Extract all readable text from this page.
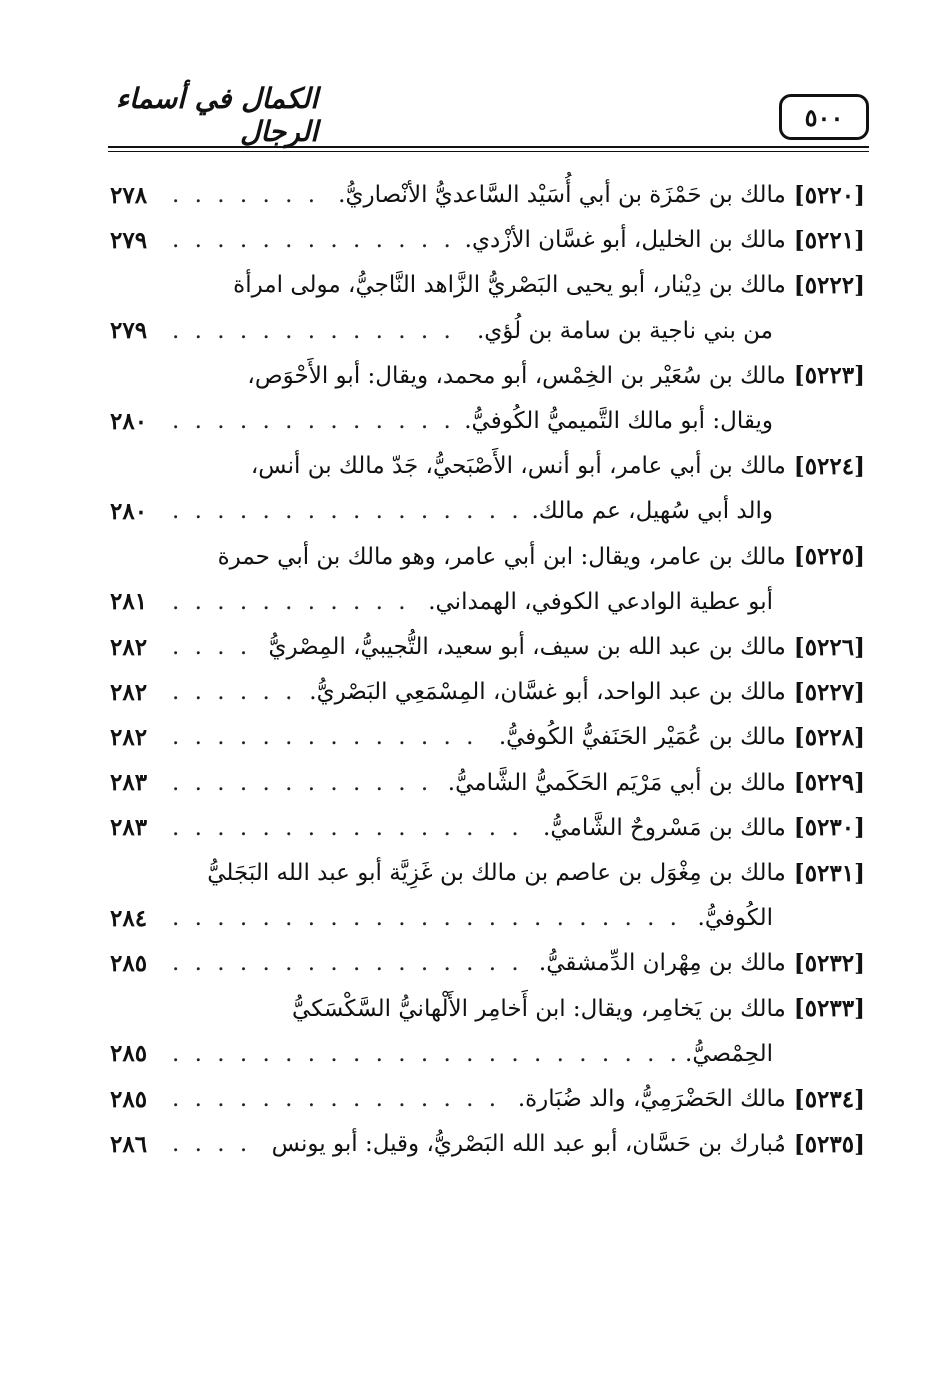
٥٠٠
الكمال في أسماء الرجال
[٥٢٢٠]
مالك بن حَمْزَة بن أبي أُسَيْد السَّاعديُّ الأنْصاريُّ.
. . .
٢٧٨
[٥٢٢١]
مالك بن الخليل، أبو غسَّان الأزْدي.
. . .
٢٧٩
[٥٢٢٢]
مالك بن دِيْنار، أبو يحيى البَصْريُّ الزَّاهد النَّاجيُّ، مولى امرأة
من بني ناجية بن سامة بن لُؤي.
. . .
٢٧٩
[٥٢٢٣]
مالك بن سُعَيْر بن الخِمْس، أبو محمد، ويقال: أبو الأَحْوَص،
ويقال: أبو مالك التَّميميُّ الكُوفيُّ.
. . .
٢٨٠
[٥٢٢٤]
مالك بن أبي عامر، أبو أنس، الأَصْبَحيُّ، جَدّ مالك بن أنس،
والد أبي سُهيل، عم مالك.
. . .
٢٨٠
[٥٢٢٥]
مالك بن عامر، ويقال: ابن أبي عامر، وهو مالك بن أبي حمرة
أبو عطية الوادعي الكوفي، الهمداني.
. . .
٢٨١
[٥٢٢٦]
مالك بن عبد الله بن سيف، أبو سعيد، التُّجيبيُّ، المِصْريُّ
. . .
٢٨٢
[٥٢٢٧]
مالك بن عبد الواحد، أبو غسَّان، المِسْمَعِي البَصْريُّ.
. . .
٢٨٢
[٥٢٢٨]
مالك بن عُمَيْر الحَنَفيُّ الكُوفيُّ.
. . .
٢٨٢
[٥٢٢٩]
مالك بن أبي مَرْيَم الحَكَميُّ الشَّاميُّ.
. . .
٢٨٣
[٥٢٣٠]
مالك بن مَسْروحٌ الشَّاميُّ.
. . .
٢٨٣
[٥٢٣١]
مالك بن مِغْوَل بن عاصم بن مالك بن غَزِيَّة أبو عبد الله البَجَليُّ
الكُوفيُّ.
. . .
٢٨٤
[٥٢٣٢]
مالك بن مِهْران الدِّمشقيُّ.
. . .
٢٨٥
[٥٢٣٣]
مالك بن يَخامِر، ويقال: ابن أَخامِر الأَلْهانيُّ السَّكْسَكيُّ
الحِمْصيُّ.
. . .
٢٨٥
[٥٢٣٤]
مالك الحَضْرَمِيُّ، والد ضُبَارة.
. . .
٢٨٥
[٥٢٣٥]
مُبارك بن حَسَّان، أبو عبد الله البَصْريُّ، وقيل: أبو يونس
. . .
٢٨٦
